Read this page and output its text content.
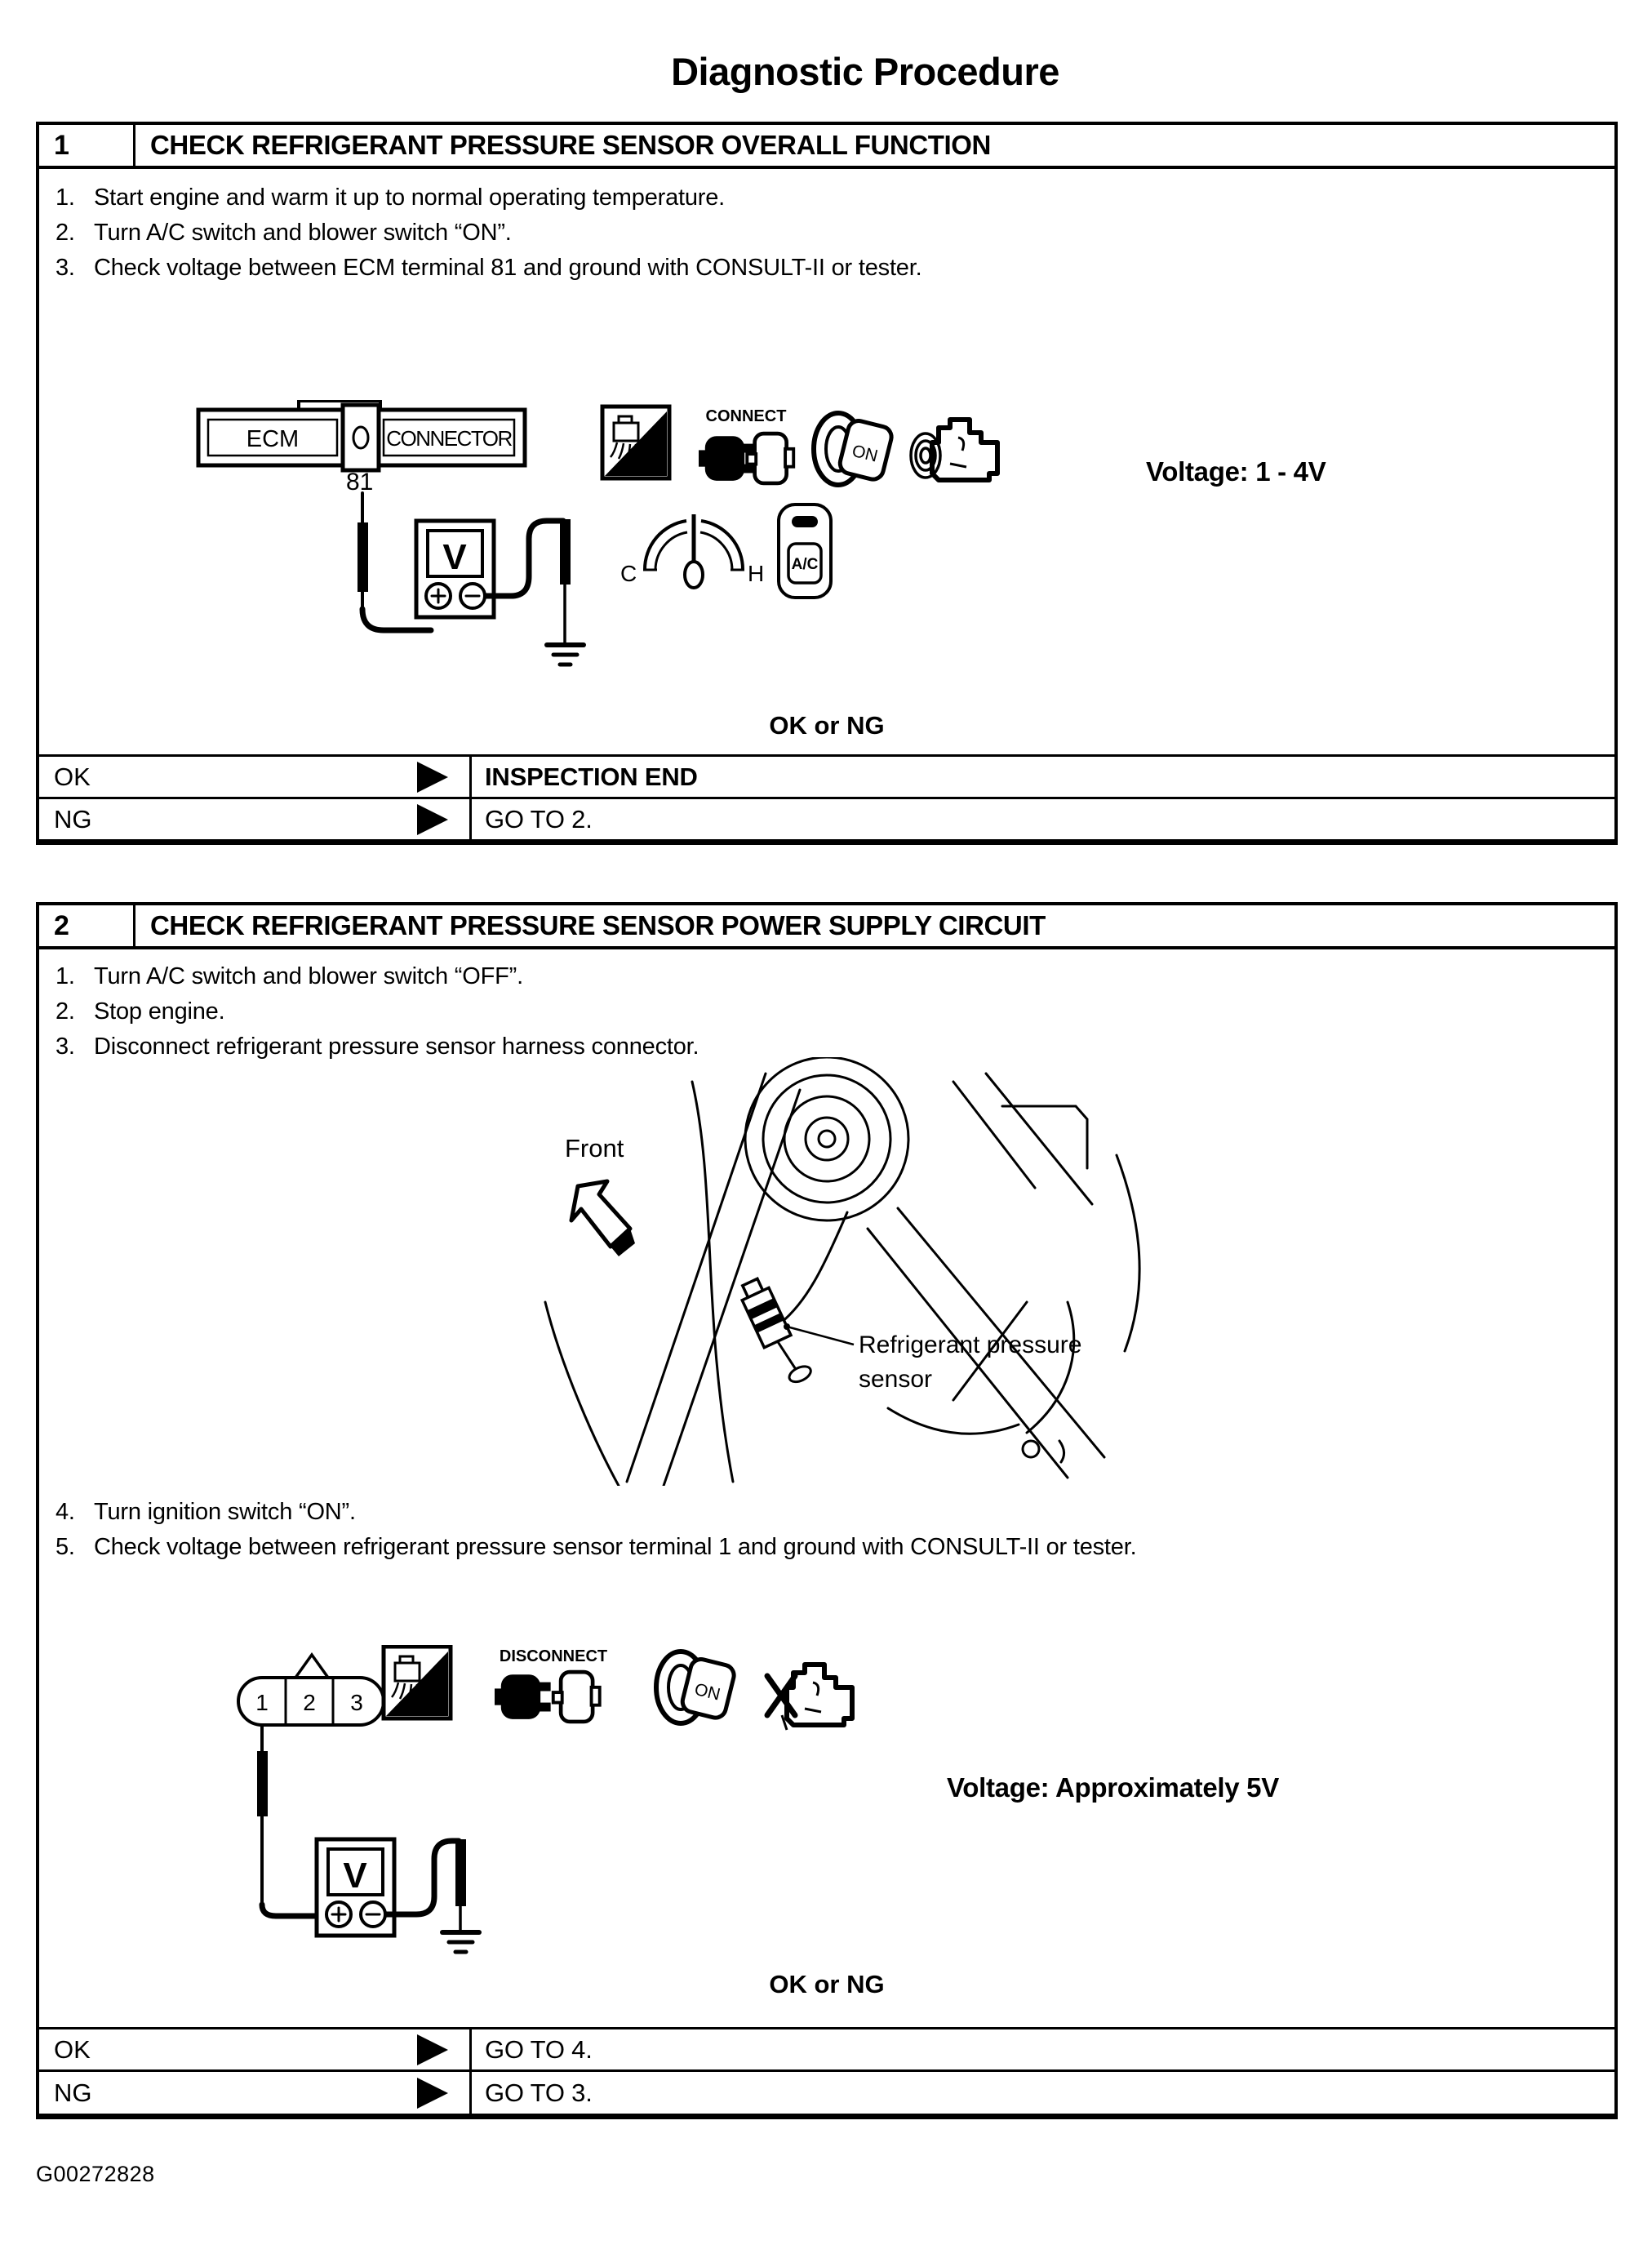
Diagnostic Procedure
1	CHECK REFRIGERANT PRESSURE SENSOR OVERALL FUNCTION
1. Start engine and warm it up to normal operating temperature.
2. Turn A/C switch and blower switch “ON”.
3. Check voltage between ECM terminal 81 and ground with CONSULT-II or tester.
ECM	CONNECTOR
81
V
H.S.
CONNECT
ON
C	H A/C
Voltage: 1 - 4V
OK or NG
OK	INSPECTION END
NG	GO TO 2.
2	CHECK REFRIGERANT PRESSURE SENSOR POWER SUPPLY CIRCUIT
1. Turn A/C switch and blower switch “OFF”.
2. Stop engine.
3. Disconnect refrigerant pressure sensor harness connector.
Front
Refrigerant pressure
sensor
4. Turn ignition switch “ON”.
5. Check voltage between refrigerant pressure sensor terminal 1 and ground with CONSULT-II or tester.
1 2 3
V
T.S.
DISCONNECT
ON
Voltage: Approximately 5V
OK or NG
OK	GO TO 4.
NG	GO TO 3.
G00272828
